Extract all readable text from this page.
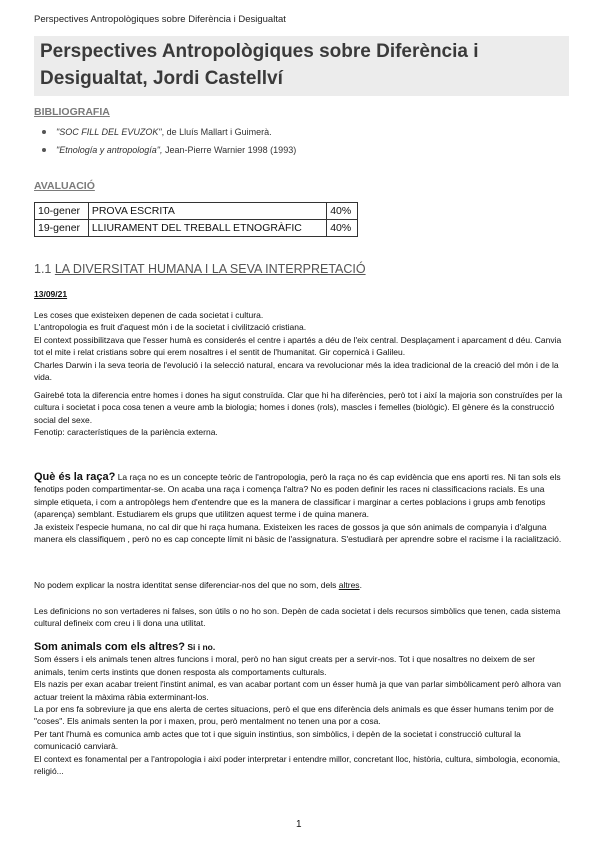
Perspectives Antropològiques sobre Diferència i Desigualtat
Perspectives Antropològiques sobre Diferència i Desigualtat, Jordi Castellví
BIBLIOGRAFIA
"SOC FILL DEL EVUZOK", de Lluís Mallart i Guimerà.
"Etnología y antropología", Jean-Pierre Warnier 1998 (1993)
AVALUACIÓ
10-gener	PROVA ESCRITA	40%
19-gener	LLIURAMENT DEL TREBALL ETNOGRÀFIC	40%
1.1 LA DIVERSITAT HUMANA I LA SEVA INTERPRETACIÓ
13/09/21

Les coses que existeixen depenen de cada societat i cultura.

L'antropologia es fruit d'aquest món i de la societat i civilització cristiana.

El context possibilitzava que l'esser humà es considerés el centre i apartés a déu de l'eix central. Desplaçament i aparcament d déu. Canvia tot el mite i relat cristians sobre qui erem nosaltres i el sentit de l'humanitat. Gir copernicà i Galileu.

Charles Darwin i la seva teoria de l'evolució i la selecció natural, encara va revolucionar més la idea tradicional de la creació del món i de la vida.

Gairebé tota la diferencia entre homes i dones ha sigut construïda. Clar que hi ha diferències, però tot i així la majoria son construïdes per la cultura i societat i poca cosa tenen a veure amb la biologia; homes i dones (rols), mascles i femelles (biològic). El gènere és la construcció social del sexe.

Fenotip: característiques de la pariència externa.

Què és la raça? La raça no es un concepte teòric de l'antropologia, però la raça no és cap evidència que ens aporti res. Ni tan sols els fenotips poden compartimentar-se. On acaba una raça i comença l'altra? No es poden definir les races ni classificacions racials. Es una simple etiqueta, i com a antropòlegs hem d'entendre que es la manera de classificar i marginar a certes poblacions i grups amb fenotips (aparença) semblant. Estudiarem els grups que utilitzen aquest terme i de quina manera.

Ja existeix l'especie humana, no cal dir que hi raça humana. Existeixen les races de gossos ja que són animals de companyia i d'alguna manera els classifiquem , però no es cap concepte límit ni bàsic de l'assignatura. S'estudiarà per aprendre sobre el racisme i la racialització.

No podem explicar la nostra identitat sense diferenciar-nos del que no som, dels altres.

Les definicions no son vertaderes ni falses, son útils o no ho son. Depèn de cada societat i dels recursos simbòlics que tenen, cada sistema cultural defineix com creu i li dona una utilitat.

Som animals com els altres? Si i no.

Som éssers i els animals tenen altres funcions i moral, però no han sigut creats per a servir-nos. Tot i que nosaltres no deixem de ser animals, tenim certs instints que donen resposta als comportaments culturals.

Els nazis per exan acabar treient l'instint animal, es van acabar portant com un ésser humà ja que van parlar simbòlicament però alhora van actuar treient la màxima ràbia exterminant-los.

La por ens fa sobreviure ja que ens alerta de certes situacions, però el que ens diferència dels animals es que ésser humans tenim por de "coses". Els animals senten la por i maxen, prou, però mentalment no tenen una por a cosa.

Per tant l'humà es comunica amb actes que tot i que siguin instintius, son simbòlics, i depèn de la societat i construcció cultural la comunicació canviarà.

El context es fonamental per a l'antropologia i així poder interpretar i entendre millor, concretant lloc, història, cultura, simbologia, economia, religió...

1
